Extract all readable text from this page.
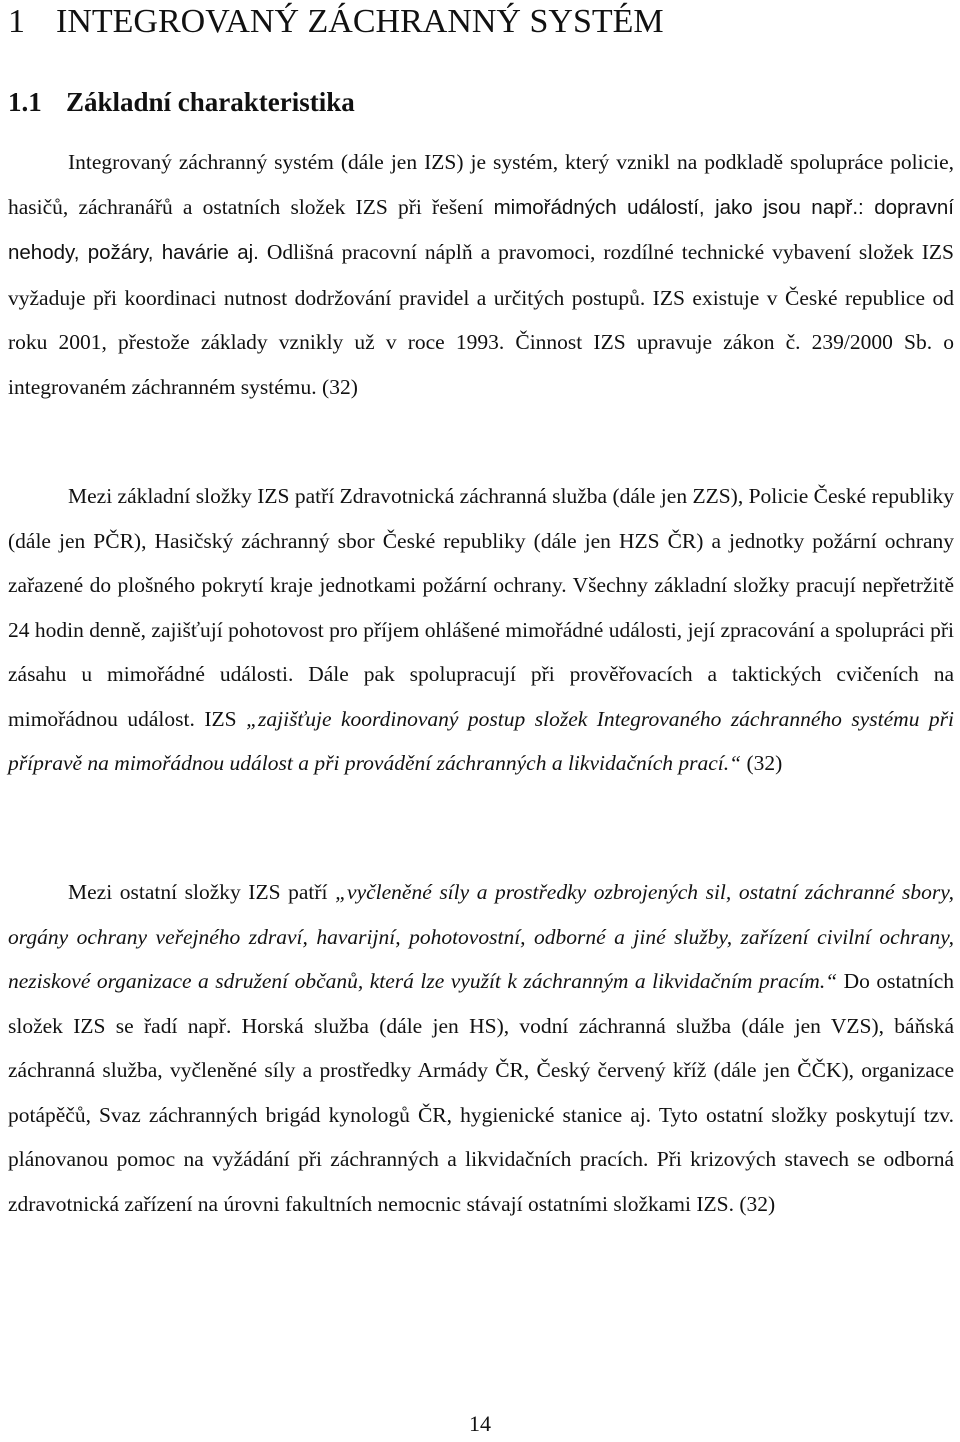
1 INTEGROVANÝ ZÁCHRANNÝ SYSTÉM
1.1 Základní charakteristika

Integrovaný záchranný systém (dále jen IZS) je systém, který vznikl na podkladě spolupráce policie, hasičů, záchranářů a ostatních složek IZS při řešení mimořádných událostí, jako jsou např.: dopravní nehody, požáry, havárie aj. Odlišná pracovní náplň a pravomoci, rozdílné technické vybavení složek IZS vyžaduje při koordinaci nutnost dodržování pravidel a určitých postupů. IZS existuje v České republice od roku 2001, přestože základy vznikly už v roce 1993. Činnost IZS upravuje zákon č. 239/2000 Sb. o integrovaném záchranném systému. (32)

Mezi základní složky IZS patří Zdravotnická záchranná služba (dále jen ZZS), Policie České republiky (dále jen PČR), Hasičský záchranný sbor České republiky (dále jen HZS ČR) a jednotky požární ochrany zařazené do plošného pokrytí kraje jednotkami požární ochrany. Všechny základní složky pracují nepřetržitě 24 hodin denně, zajišťují pohotovost pro příjem ohlášené mimořádné události, její zpracování a spolupráci při zásahu u mimořádné události. Dále pak spolupracují při prověřovacích a taktických cvičeních na mimořádnou událost. IZS „zajišťuje koordinovaný postup složek Integrovaného záchranného systému při přípravě na mimořádnou událost a při provádění záchranných a likvidačních prací.“ (32)

Mezi ostatní složky IZS patří „vyčleněné síly a prostředky ozbrojených sil, ostatní záchranné sbory, orgány ochrany veřejného zdraví, havarijní, pohotovostní, odborné a jiné služby, zařízení civilní ochrany, neziskové organizace a sdružení občanů, která lze využít k záchranným a likvidačním pracím.“ Do ostatních složek IZS se řadí např. Horská služba (dále jen HS), vodní záchranná služba (dále jen VZS), báňská záchranná služba, vyčleněné síly a prostředky Armády ČR, Český červený kříž (dále jen ČČK), organizace potápěčů, Svaz záchranných brigád kynologů ČR, hygienické stanice aj. Tyto ostatní složky poskytují tzv. plánovanou pomoc na vyžádání při záchranných a likvidačních pracích. Při krizových stavech se odborná zdravotnická zařízení na úrovni fakultních nemocnic stávají ostatními složkami IZS. (32)

14
